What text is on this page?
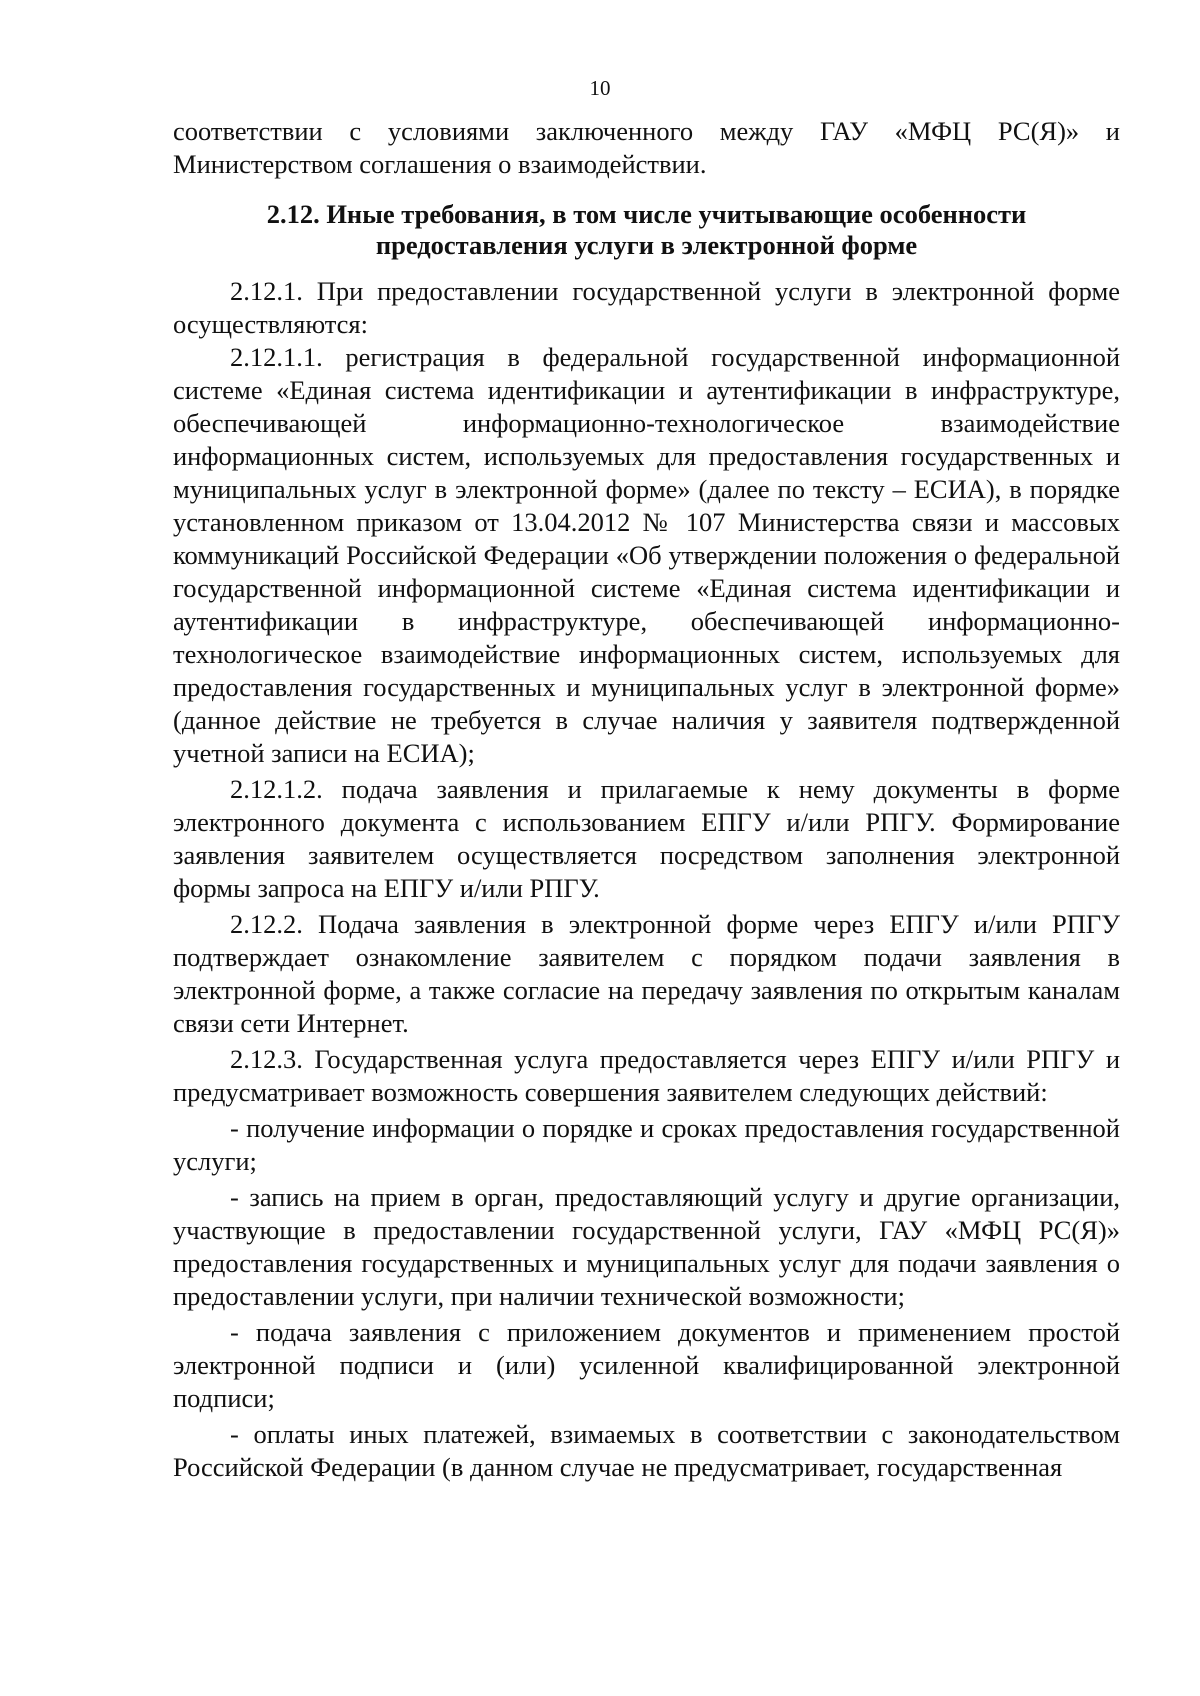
10

соответствии с условиями заключенного между ГАУ «МФЦ РС(Я)» и Министерством соглашения о взаимодействии.

2.12. Иные требования, в том числе учитывающие особенности
предоставления услуги в электронной форме

2.12.1. При предоставлении государственной услуги в электронной форме осуществляются:

2.12.1.1. регистрация в федеральной государственной информационной системе «Единая система идентификации и аутентификации в инфраструктуре, обеспечивающей информационно-технологическое взаимодействие информационных систем, используемых для предоставления государственных и муниципальных услуг в электронной форме» (далее по тексту – ЕСИА), в порядке установленном приказом от 13.04.2012 № 107 Министерства связи и массовых коммуникаций Российской Федерации «Об утверждении положения о федеральной государственной информационной системе «Единая система идентификации и аутентификации в инфраструктуре, обеспечивающей информационно-технологическое взаимодействие информационных систем, используемых для предоставления государственных и муниципальных услуг в электронной форме» (данное действие не требуется в случае наличия у заявителя подтвержденной учетной записи на ЕСИА);

2.12.1.2. подача заявления и прилагаемые к нему документы в форме электронного документа с использованием ЕПГУ и/или РПГУ. Формирование заявления заявителем осуществляется посредством заполнения электронной формы запроса на ЕПГУ и/или РПГУ.

2.12.2. Подача заявления в электронной форме через ЕПГУ и/или РПГУ подтверждает ознакомление заявителем с порядком подачи заявления в электронной форме, а также согласие на передачу заявления по открытым каналам связи сети Интернет.

2.12.3. Государственная услуга предоставляется через ЕПГУ и/или РПГУ и предусматривает возможность совершения заявителем следующих действий:

- получение информации о порядке и сроках предоставления государственной услуги;

- запись на прием в орган, предоставляющий услугу и другие организации, участвующие в предоставлении государственной услуги, ГАУ «МФЦ РС(Я)» предоставления государственных и муниципальных услуг для подачи заявления о предоставлении услуги, при наличии технической возможности;

- подача заявления с приложением документов и применением простой электронной подписи и (или) усиленной квалифицированной электронной подписи;

- оплаты иных платежей, взимаемых в соответствии с законодательством Российской Федерации (в данном случае не предусматривает, государственная
